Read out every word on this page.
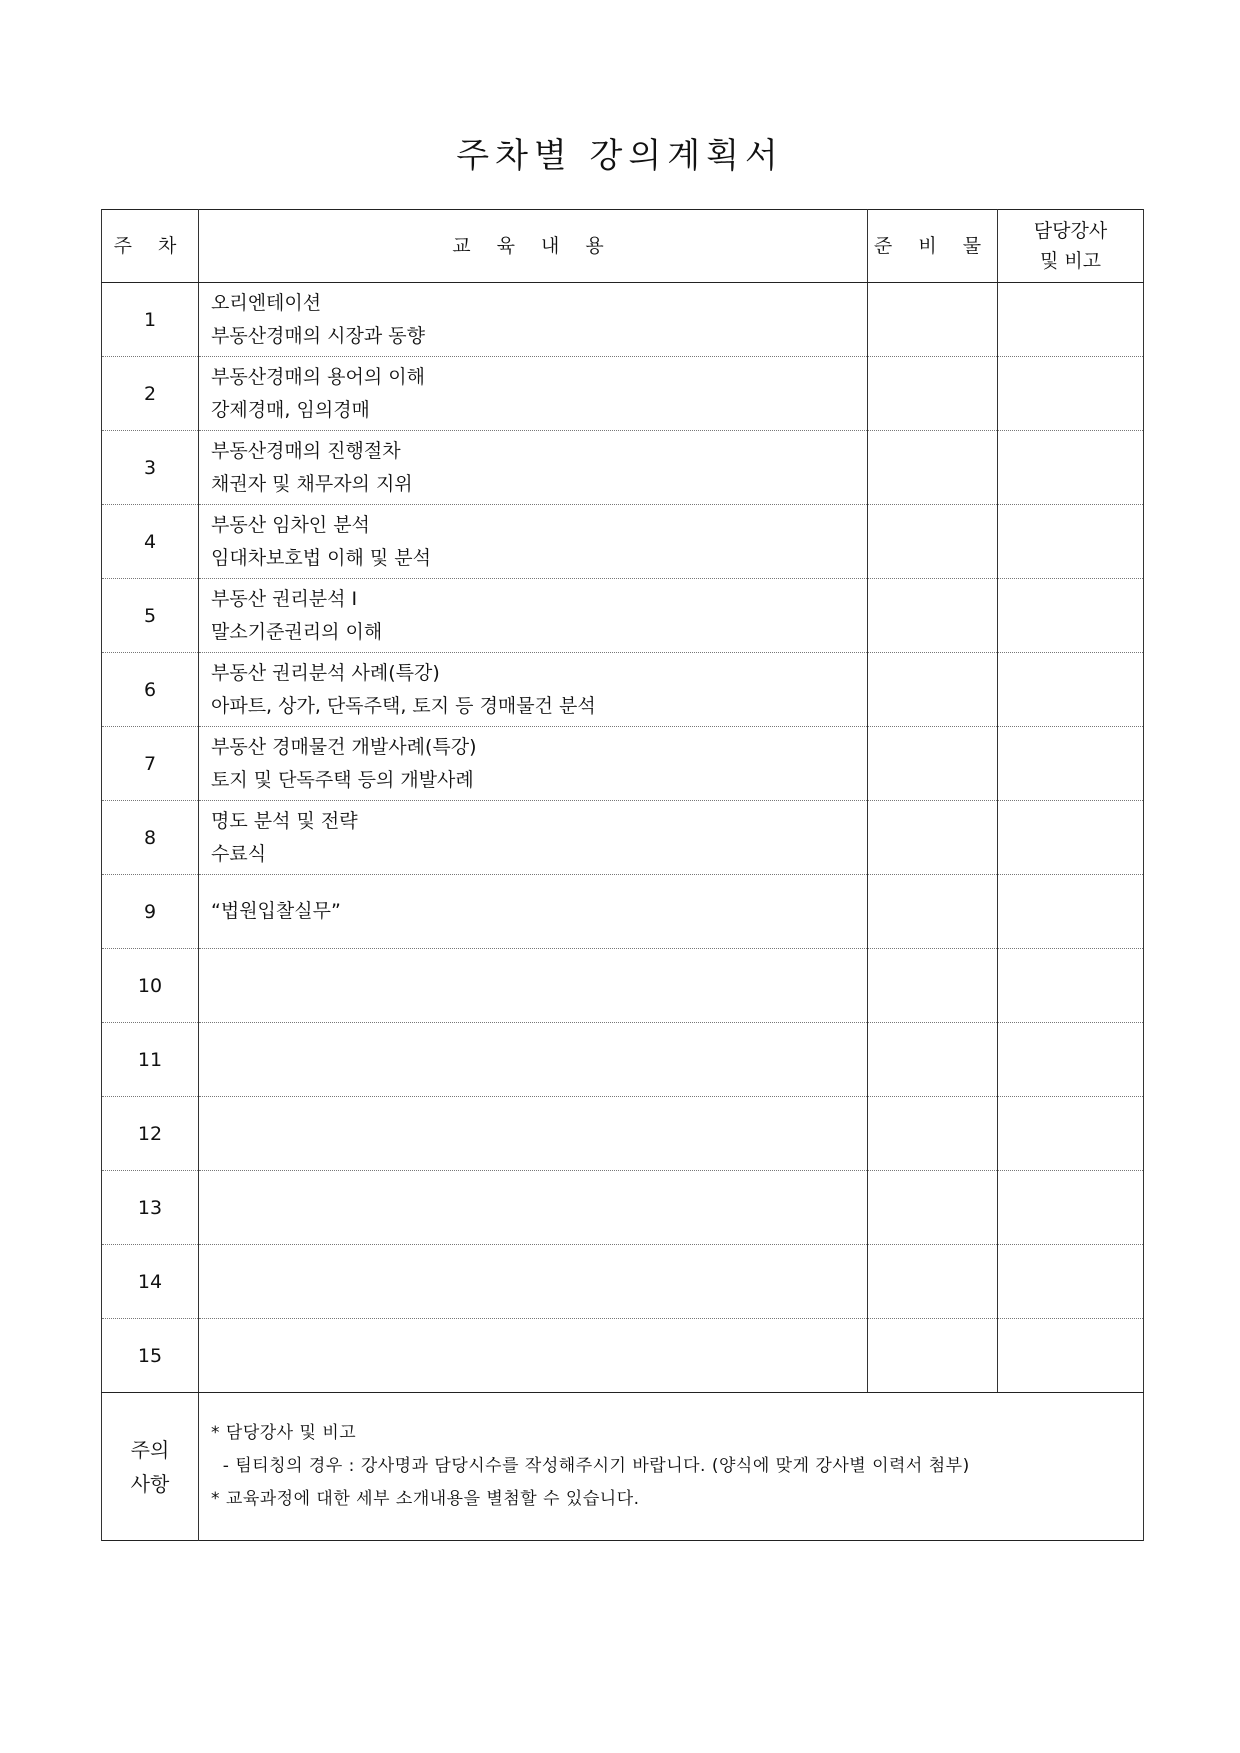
주차별 강의계획서
주 차	교 육 내 용	준 비 물	담당강사
및 비고

1	오리엔테이션
부동산경매의 시장과 동향		

2	부동산경매의 용어의 이해
강제경매, 임의경매		

3	부동산경매의 진행절차
채권자 및 채무자의 지위		

4	부동산 임차인 분석
임대차보호법 이해 및 분석		

5	부동산 권리분석 Ⅰ
말소기준권리의 이해		

6	부동산 권리분석 사례(특강)
아파트, 상가, 단독주택, 토지 등 경매물건 분석		

7	부동산 경매물건 개발사례(특강)
토지 및 단독주택 등의 개발사례		

8	명도 분석 및 전략
수료식		

9	“법원입찰실무”		

10	

11	

12	

13	

14	

15	

주의
사항	* 담당강사 및 비고
- 팀티칭의 경우 : 강사명과 담당시수를 작성해주시기 바랍니다. (양식에 맞게 강사별 이력서 첨부)
* 교육과정에 대한 세부 소개내용을 별첨할 수 있습니다.		
